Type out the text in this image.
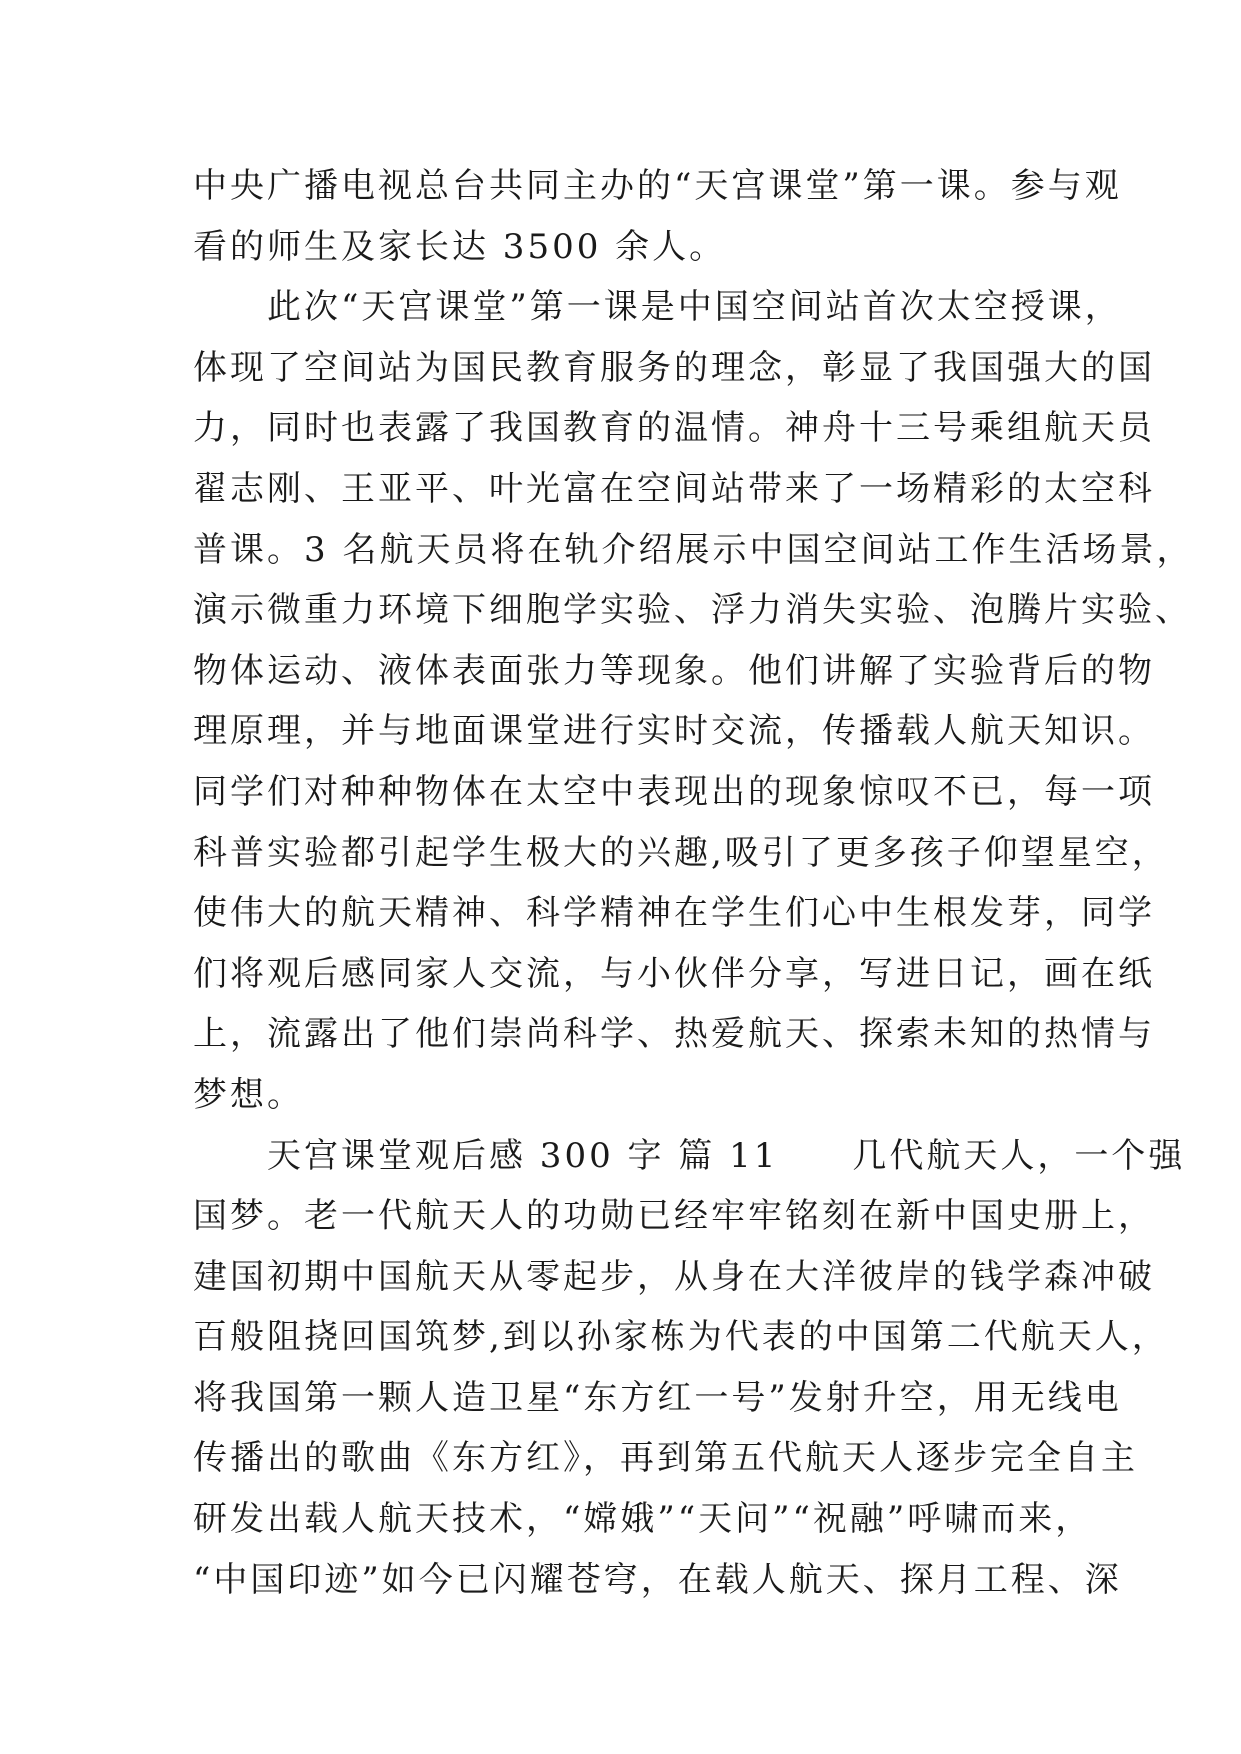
中央广播电视总台共同主办的“天宫课堂”第一课。参与观
看的师生及家长达 3500 余人。
此次“天宫课堂”第一课是中国空间站首次太空授课，
体现了空间站为国民教育服务的理念，彰显了我国强大的国
力，同时也表露了我国教育的温情。神舟十三号乘组航天员
翟志刚、王亚平、叶光富在空间站带来了一场精彩的太空科
普课。3 名航天员将在轨介绍展示中国空间站工作生活场景，
演示微重力环境下细胞学实验、浮力消失实验、泡腾片实验、
物体运动、液体表面张力等现象。他们讲解了实验背后的物
理原理，并与地面课堂进行实时交流，传播载人航天知识。
同学们对种种物体在太空中表现出的现象惊叹不已，每一项
科普实验都引起学生极大的兴趣,吸引了更多孩子仰望星空，
使伟大的航天精神、科学精神在学生们心中生根发芽，同学
们将观后感同家人交流，与小伙伴分享，写进日记，画在纸
上，流露出了他们崇尚科学、热爱航天、探索未知的热情与
梦想。
天宫课堂观后感 300 字 篇 11　　几代航天人，一个强
国梦。老一代航天人的功勋已经牢牢铭刻在新中国史册上，
建国初期中国航天从零起步，从身在大洋彼岸的钱学森冲破
百般阻挠回国筑梦,到以孙家栋为代表的中国第二代航天人，
将我国第一颗人造卫星“东方红一号”发射升空，用无线电
传播出的歌曲《东方红》，再到第五代航天人逐步完全自主
研发出载人航天技术，“嫦娥”“天问”“祝融”呼啸而来，
“中国印迹”如今已闪耀苍穹，在载人航天、探月工程、深
